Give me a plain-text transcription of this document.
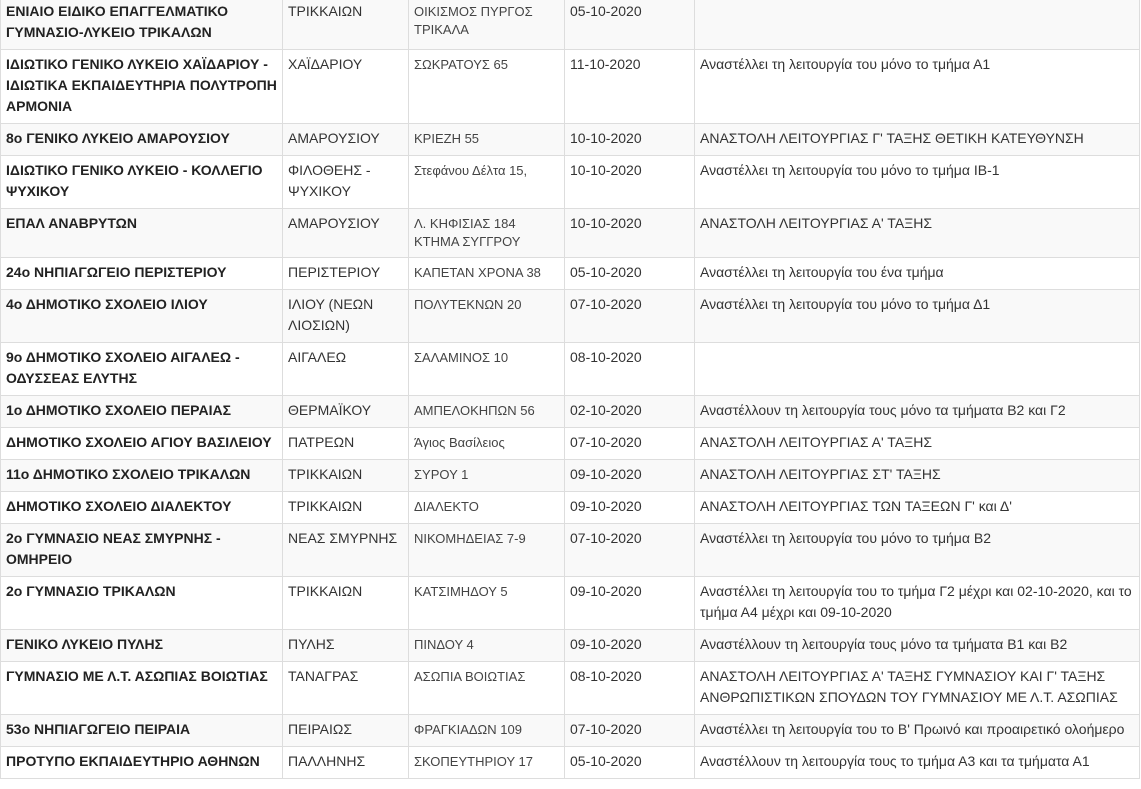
ΕΝΙΑΙΟ ΕΙΔΙΚΟ ΕΠΑΓΓΕΛΜΑΤΙΚΟ ΓΥΜΝΑΣΙΟ-ΛΥΚΕΙΟ ΤΡΙΚΑΛΩΝ	ΤΡΙΚΚΑΙΩΝ	ΟΙΚΙΣΜΟΣ ΠΥΡΓΟΣ ΤΡΙΚΑΛΑ	05-10-2020	
ΙΔΙΩΤΙΚΟ ΓΕΝΙΚΟ ΛΥΚΕΙΟ ΧΑΪΔΑΡΙΟΥ - ΙΔΙΩΤΙΚΑ ΕΚΠΑΙΔΕΥΤΗΡΙΑ ΠΟΛΥΤΡΟΠΗ ΑΡΜΟΝΙΑ	ΧΑΪΔΑΡΙΟΥ	ΣΩΚΡΑΤΟΥΣ 65	11-10-2020	Αναστέλλει τη λειτουργία του μόνο το τμήμα Α1
8ο ΓΕΝΙΚΟ ΛΥΚΕΙΟ ΑΜΑΡΟΥΣΙΟΥ	ΑΜΑΡΟΥΣΙΟΥ	ΚΡΙΕΖΗ 55	10-10-2020	ΑΝΑΣΤΟΛΗ ΛΕΙΤΟΥΡΓΙΑΣ Γ' ΤΑΞΗΣ ΘΕΤΙΚΗ ΚΑΤΕΥΘΥΝΣΗ
ΙΔΙΩΤΙΚΟ ΓΕΝΙΚΟ ΛΥΚΕΙΟ - ΚΟΛΛΕΓΙΟ ΨΥΧΙΚΟΥ	ΦΙΛΟΘΕΗΣ - ΨΥΧΙΚΟΥ	Στεφάνου Δέλτα 15,	10-10-2020	Αναστέλλει τη λειτουργία του μόνο το τμήμα ΙΒ-1
ΕΠΑΛ ΑΝΑΒΡΥΤΩΝ	ΑΜΑΡΟΥΣΙΟΥ	Λ. ΚΗΦΙΣΙΑΣ 184 ΚΤΗΜΑ ΣΥΓΓΡΟΥ	10-10-2020	ΑΝΑΣΤΟΛΗ ΛΕΙΤΟΥΡΓΙΑΣ Α' ΤΑΞΗΣ
24ο ΝΗΠΙΑΓΩΓΕΙΟ ΠΕΡΙΣΤΕΡΙΟΥ	ΠΕΡΙΣΤΕΡΙΟΥ	ΚΑΠΕΤΑΝ ΧΡΟΝΑ 38	05-10-2020	Αναστέλλει τη λειτουργία του ένα τμήμα
4ο ΔΗΜΟΤΙΚΟ ΣΧΟΛΕΙΟ ΙΛΙΟΥ	ΙΛΙΟΥ (ΝΕΩΝ ΛΙΟΣΙΩΝ)	ΠΟΛΥΤΕΚΝΩΝ 20	07-10-2020	Αναστέλλει τη λειτουργία του μόνο το τμήμα Δ1
9ο ΔΗΜΟΤΙΚΟ ΣΧΟΛΕΙΟ ΑΙΓΑΛΕΩ - ΟΔΥΣΣΕΑΣ ΕΛΥΤΗΣ	ΑΙΓΑΛΕΩ	ΣΑΛΑΜΙΝΟΣ 10	08-10-2020	
1ο ΔΗΜΟΤΙΚΟ ΣΧΟΛΕΙΟ ΠΕΡΑΙΑΣ	ΘΕΡΜΑΪΚΟΥ	ΑΜΠΕΛΟΚΗΠΩΝ 56	02-10-2020	Αναστέλλουν τη λειτουργία τους μόνο τα τμήματα Β2 και Γ2
ΔΗΜΟΤΙΚΟ ΣΧΟΛΕΙΟ ΑΓΙΟΥ ΒΑΣΙΛΕΙΟΥ	ΠΑΤΡΕΩΝ	Άγιος Βασίλειος	07-10-2020	ΑΝΑΣΤΟΛΗ ΛΕΙΤΟΥΡΓΙΑΣ Α' ΤΑΞΗΣ
11ο ΔΗΜΟΤΙΚΟ ΣΧΟΛΕΙΟ ΤΡΙΚΑΛΩΝ	ΤΡΙΚΚΑΙΩΝ	ΣΥΡΟΥ 1	09-10-2020	ΑΝΑΣΤΟΛΗ ΛΕΙΤΟΥΡΓΙΑΣ ΣΤ' ΤΑΞΗΣ
ΔΗΜΟΤΙΚΟ ΣΧΟΛΕΙΟ ΔΙΑΛΕΚΤΟΥ	ΤΡΙΚΚΑΙΩΝ	ΔΙΑΛΕΚΤΟ	09-10-2020	ΑΝΑΣΤΟΛΗ ΛΕΙΤΟΥΡΓΙΑΣ ΤΩΝ ΤΑΞΕΩΝ Γ' και Δ'
2ο ΓΥΜΝΑΣΙΟ ΝΕΑΣ ΣΜΥΡΝΗΣ - ΟΜΗΡΕΙΟ	ΝΕΑΣ ΣΜΥΡΝΗΣ	ΝΙΚΟΜΗΔΕΙΑΣ 7-9	07-10-2020	Αναστέλλει τη λειτουργία του μόνο το τμήμα Β2
2ο ΓΥΜΝΑΣΙΟ ΤΡΙΚΑΛΩΝ	ΤΡΙΚΚΑΙΩΝ	ΚΑΤΣΙΜΗΔΟΥ 5	09-10-2020	Αναστέλλει τη λειτουργία του το τμήμα Γ2 μέχρι και 02-10-2020, και το τμήμα Α4 μέχρι και 09-10-2020
ΓΕΝΙΚΟ ΛΥΚΕΙΟ ΠΥΛΗΣ	ΠΥΛΗΣ	ΠΙΝΔΟΥ 4	09-10-2020	Αναστέλλουν τη λειτουργία τους μόνο τα τμήματα Β1 και Β2
ΓΥΜΝΑΣΙΟ ΜΕ Λ.Τ. ΑΣΩΠΙΑΣ ΒΟΙΩΤΙΑΣ	ΤΑΝΑΓΡΑΣ	ΑΣΩΠΙΑ ΒΟΙΩΤΙΑΣ	08-10-2020	ΑΝΑΣΤΟΛΗ ΛΕΙΤΟΥΡΓΙΑΣ Α' ΤΑΞΗΣ ΓΥΜΝΑΣΙΟΥ ΚΑΙ Γ' ΤΑΞΗΣ ΑΝΘΡΩΠΙΣΤΙΚΩΝ ΣΠΟΥΔΩΝ ΤΟΥ ΓΥΜΝΑΣΙΟΥ ΜΕ Λ.Τ. ΑΣΩΠΙΑΣ
53ο ΝΗΠΙΑΓΩΓΕΙΟ ΠΕΙΡΑΙΑ	ΠΕΙΡΑΙΩΣ	ΦΡΑΓΚΙΑΔΩΝ 109	07-10-2020	Αναστέλλει τη λειτουργία του το Β' Πρωινό και προαιρετικό ολοήμερο
ΠΡΟΤΥΠΟ ΕΚΠΑΙΔΕΥΤΗΡΙΟ ΑΘΗΝΩΝ	ΠΑΛΛΗΝΗΣ	ΣΚΟΠΕΥΤΗΡΙΟΥ 17	05-10-2020	Αναστέλλουν τη λειτουργία τους το τμήμα Α3 και τα τμήματα Α1
